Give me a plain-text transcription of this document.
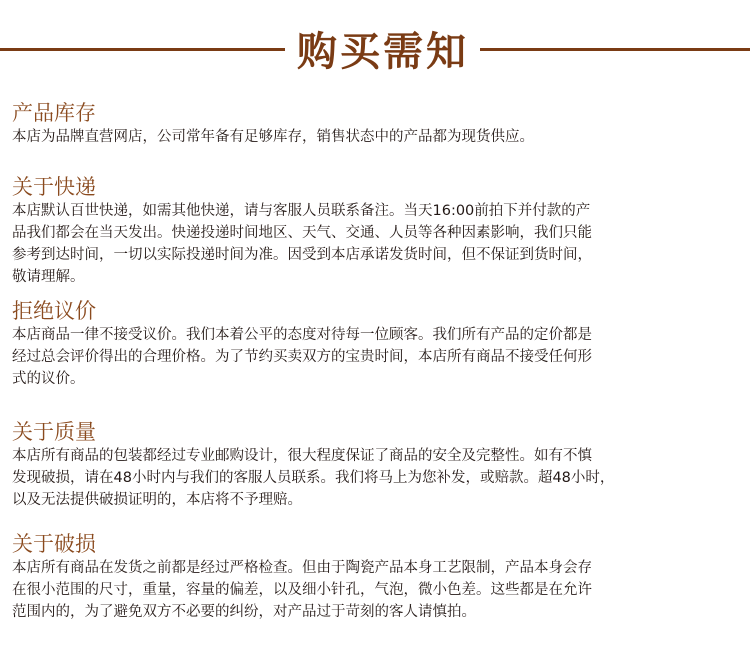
购买需知
产品库存
本店为品牌直营网店，公司常年备有足够库存，销售状态中的产品都为现货供应。
关于快递
本店默认百世快递，如需其他快递，请与客服人员联系备注。当天16:00前拍下并付款的产
品我们都会在当天发出。快递投递时间地区、天气、交通、人员等各种因素影响，我们只能
参考到达时间，一切以实际投递时间为准。因受到本店承诺发货时间，但不保证到货时间，
敬请理解。
拒绝议价
本店商品一律不接受议价。我们本着公平的态度对待每一位顾客。我们所有产品的定价都是
经过总会评价得出的合理价格。为了节约买卖双方的宝贵时间，本店所有商品不接受任何形
式的议价。
关于质量
本店所有商品的包装都经过专业邮购设计，很大程度保证了商品的安全及完整性。如有不慎
发现破损，请在48小时内与我们的客服人员联系。我们将马上为您补发，或赔款。超48小时，
以及无法提供破损证明的，本店将不予理赔。
关于破损
本店所有商品在发货之前都是经过严格检查。但由于陶瓷产品本身工艺限制，产品本身会存
在很小范围的尺寸，重量，容量的偏差，以及细小针孔，气泡，微小色差。这些都是在允许
范围内的，为了避免双方不必要的纠纷，对产品过于苛刻的客人请慎拍。
